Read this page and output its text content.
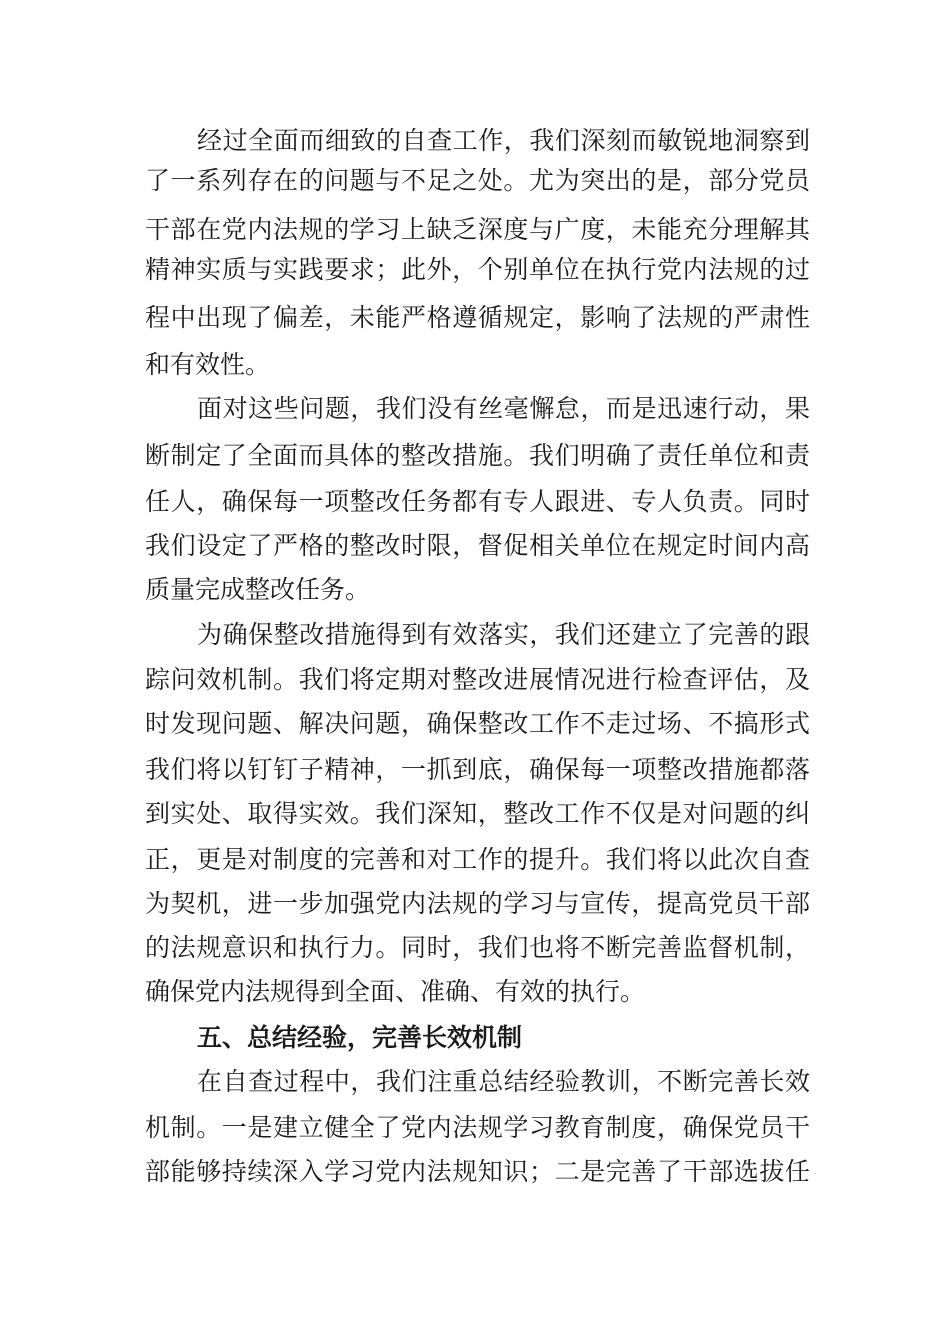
经过全面而细致的自查工作，我们深刻而敏锐地洞察到
了一系列存在的问题与不足之处。尤为突出的是，部分党员
干部在党内法规的学习上缺乏深度与广度，未能充分理解其
精神实质与实践要求；此外，个别单位在执行党内法规的过
程中出现了偏差，未能严格遵循规定，影响了法规的严肃性
和有效性。
面对这些问题，我们没有丝毫懈怠，而是迅速行动，果
断制定了全面而具体的整改措施。我们明确了责任单位和责
任人，确保每一项整改任务都有专人跟进、专人负责。同时
我们设定了严格的整改时限，督促相关单位在规定时间内高
质量完成整改任务。
为确保整改措施得到有效落实，我们还建立了完善的跟
踪问效机制。我们将定期对整改进展情况进行检查评估，及
时发现问题、解决问题，确保整改工作不走过场、不搞形式
我们将以钉钉子精神，一抓到底，确保每一项整改措施都落
到实处、取得实效。我们深知，整改工作不仅是对问题的纠
正，更是对制度的完善和对工作的提升。我们将以此次自查
为契机，进一步加强党内法规的学习与宣传，提高党员干部
的法规意识和执行力。同时，我们也将不断完善监督机制，
确保党内法规得到全面、准确、有效的执行。
五、总结经验，完善长效机制
在自查过程中，我们注重总结经验教训，不断完善长效
机制。一是建立健全了党内法规学习教育制度，确保党员干
部能够持续深入学习党内法规知识；二是完善了干部选拔任
